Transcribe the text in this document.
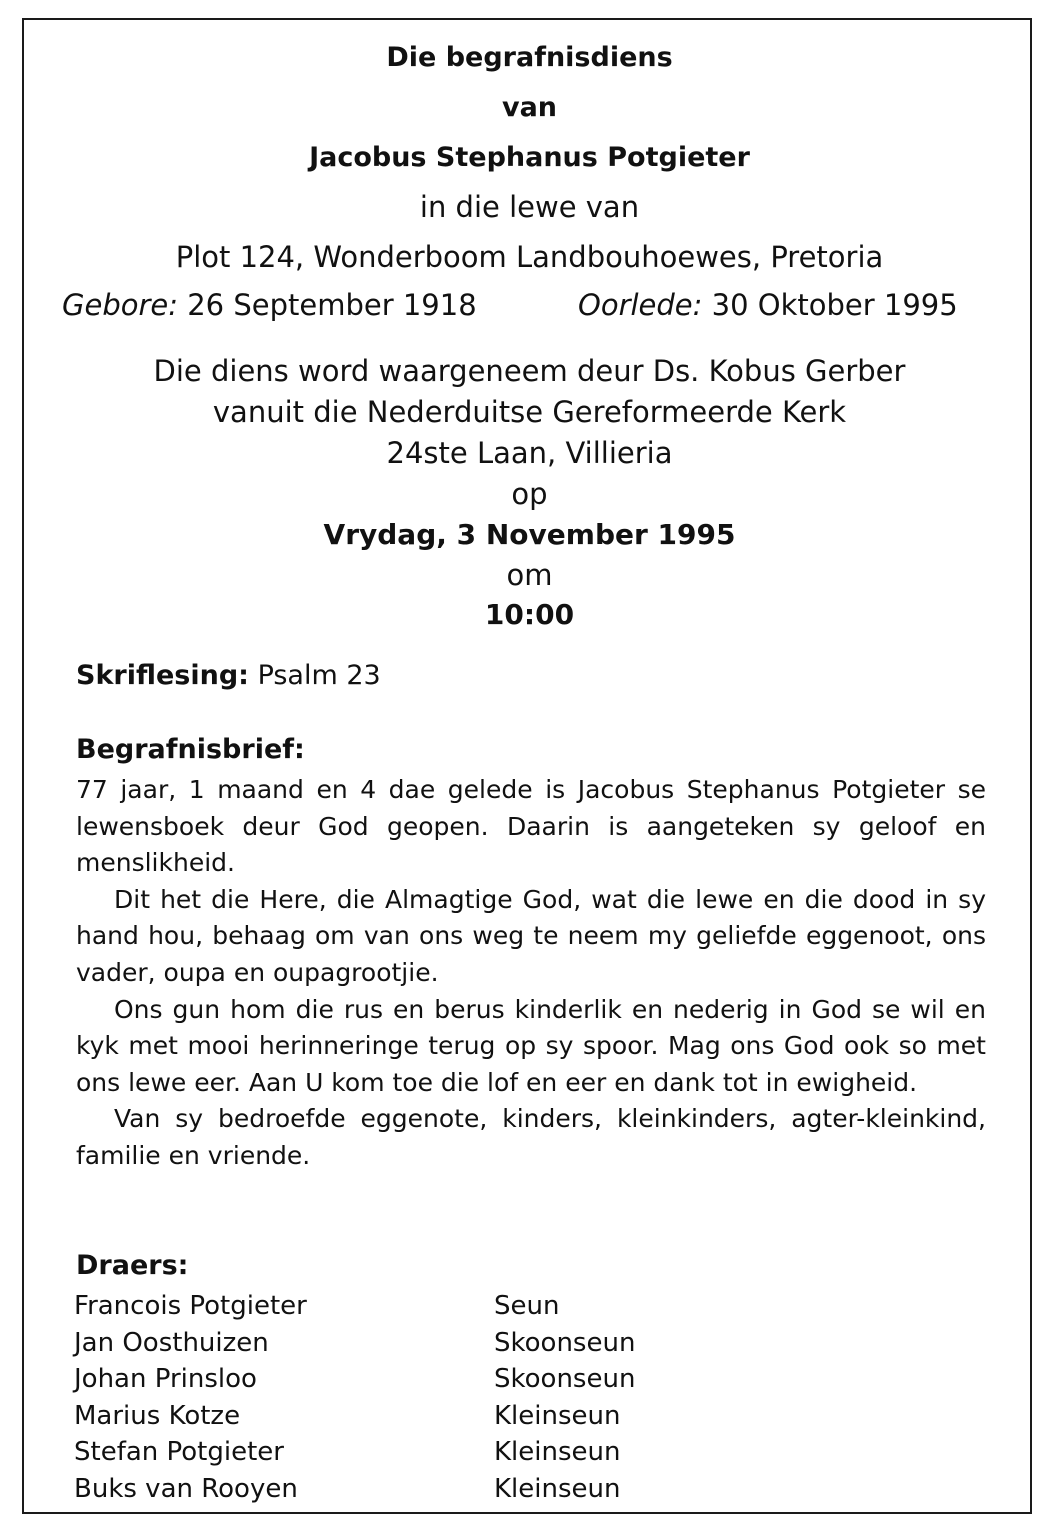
Die begrafnisdiens
van
Jacobus Stephanus Potgieter
in die lewe van
Plot 124, Wonderboom Landbouhoewes, Pretoria
Gebore: 26 September 1918	Oorlede: 30 Oktober 1995
Die diens word waargeneem deur Ds. Kobus Gerber
vanuit die Nederduitse Gereformeerde Kerk
24ste Laan, Villieria
op
Vrydag, 3 November 1995
om
10:00
Skriflesing: Psalm 23
Begrafnisbrief:

77 jaar, 1 maand en 4 dae gelede is Jacobus Stephanus Potgieter se lewensboek deur God geopen. Daarin is aangeteken sy geloof en menslikheid.

Dit het die Here, die Almagtige God, wat die lewe en die dood in sy hand hou, behaag om van ons weg te neem my geliefde eggenoot, ons vader, oupa en oupagrootjie.

Ons gun hom die rus en berus kinderlik en nederig in God se wil en kyk met mooi herinneringe terug op sy spoor. Mag ons God ook so met ons lewe eer. Aan U kom toe die lof en eer en dank tot in ewigheid.

Van sy bedroefde eggenote, kinders, kleinkinders, agter-kleinkind, familie en vriende.

Draers:
Francois Potgieter	Seun
Jan Oosthuizen	Skoonseun
Johan Prinsloo	Skoonseun
Marius Kotze	Kleinseun
Stefan Potgieter	Kleinseun
Buks van Rooyen	Kleinseun
